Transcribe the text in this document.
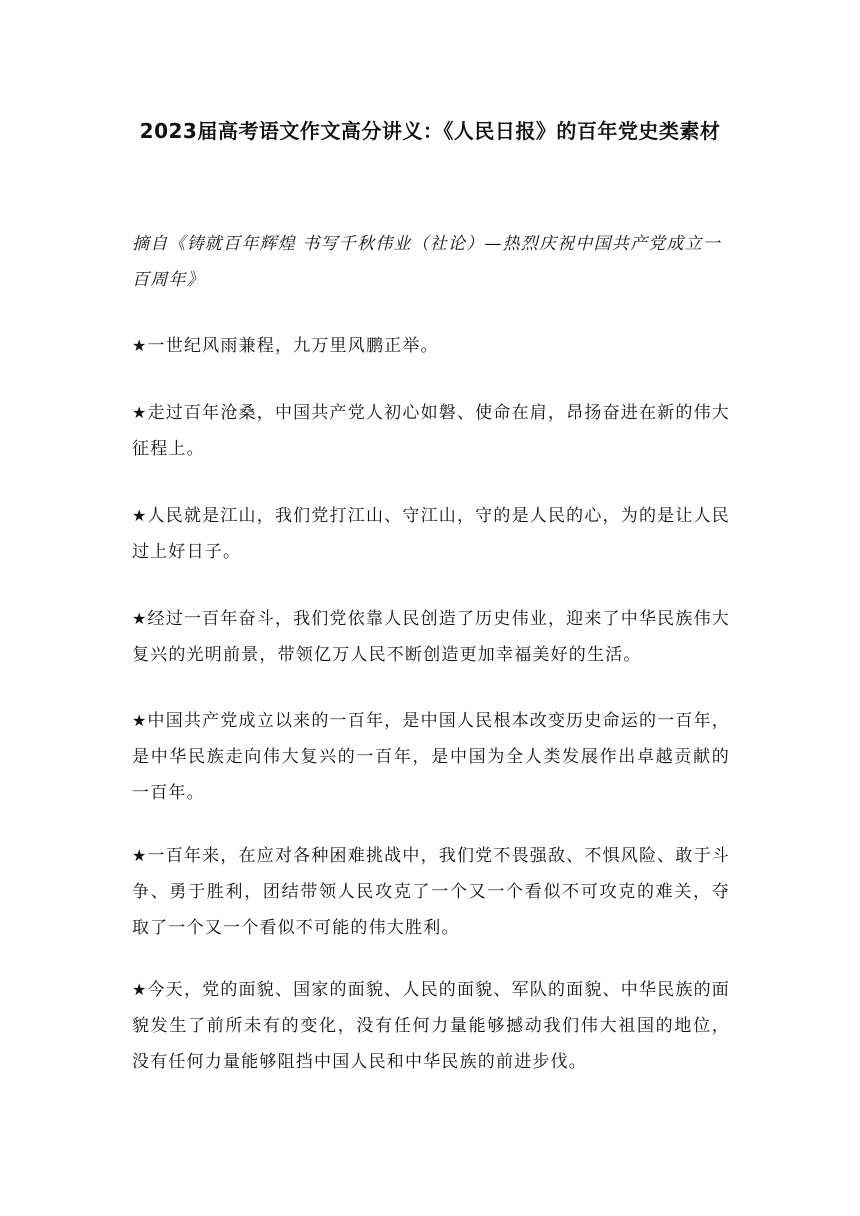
2023届高考语文作文高分讲义：《人民日报》的百年党史类素材
摘自《铸就百年辉煌 书写千秋伟业（社论）—热烈庆祝中国共产党成立一百周年》
★一世纪风雨兼程，九万里风鹏正举。
★走过百年沧桑，中国共产党人初心如磐、使命在肩，昂扬奋进在新的伟大征程上。
★人民就是江山，我们党打江山、守江山，守的是人民的心，为的是让人民过上好日子。
★经过一百年奋斗，我们党依靠人民创造了历史伟业，迎来了中华民族伟大复兴的光明前景，带领亿万人民不断创造更加幸福美好的生活。
★中国共产党成立以来的一百年，是中国人民根本改变历史命运的一百年，是中华民族走向伟大复兴的一百年，是中国为全人类发展作出卓越贡献的一百年。
★一百年来，在应对各种困难挑战中，我们党不畏强敌、不惧风险、敢于斗争、勇于胜利，团结带领人民攻克了一个又一个看似不可攻克的难关，夺取了一个又一个看似不可能的伟大胜利。
★今天，党的面貌、国家的面貌、人民的面貌、军队的面貌、中华民族的面貌发生了前所未有的变化，没有任何力量能够撼动我们伟大祖国的地位，没有任何力量能够阻挡中国人民和中华民族的前进步伐。
